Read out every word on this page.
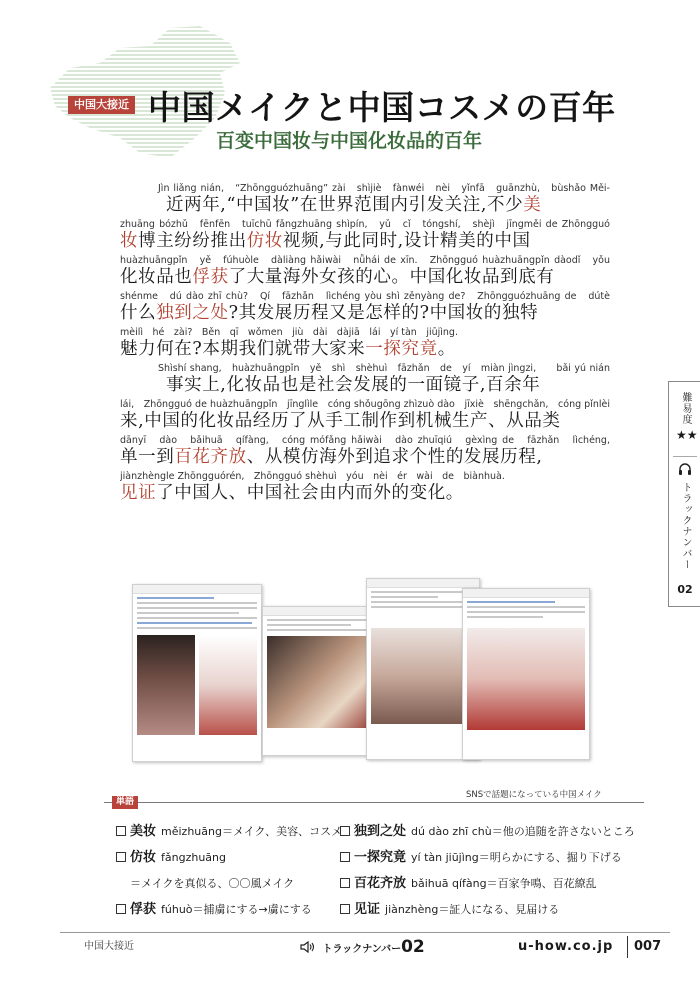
中国大接近 中国メイクと中国コスメの百年
百变中国妆与中国化妆品的百年
Jìn liǎng nián,　“Zhōngguózhuāng” zài　shìjiè　fànwéi　nèi　yǐnfā　guānzhù,　bùshǎo Měi-
近两年,“中国妆”在世界范围内引发关注,不少美
zhuāng bózhǔ　fēnfēn　tuīchū fǎngzhuāng shìpín,　yǔ　cǐ　tóngshí,　shèjì　jīngměi de Zhōngguó
妆博主纷纷推出仿妆视频,与此同时,设计精美的中国
huàzhuāngpǐn　yě　fúhuòle　dàliàng hǎiwài　nǚhái de xīn.　Zhōngguó huàzhuāngpǐn dàodǐ　yǒu
化妆品也俘获了大量海外女孩的心。中国化妆品到底有
shénme　dú dào zhī chù?　Qí　fāzhǎn　lìchéng yòu shì zěnyàng de?　Zhōngguózhuāng de　dútè
什么独到之处?其发展历程又是怎样的?中国妆的独特
mèilì　hé　zài?　Běn　qī　wǒmen　jiù　dài　dàjiā　lái　yí tàn　jiūjìng.
魅力何在?本期我们就带大家来一探究竟。
Shìshí shang,　huàzhuāngpǐn　yě　shì　shèhuì　fāzhǎn　de　yí　miàn jìngzi,　　bǎi yú nián
事实上,化妆品也是社会发展的一面镜子,百余年
lái,　Zhōngguó de huàzhuāngpǐn　jīnglìle　cóng shǒugōng zhìzuò dào　jīxiè　shēngchǎn,　cóng pǐnlèi
来,中国的化妆品经历了从手工制作到机械生产、从品类
dānyī　dào　bǎihuā　qífàng,　cóng mófǎng hǎiwài　dào zhuīqiú　gèxìng de　fāzhǎn　lìchéng,
单一到百花齐放、从模仿海外到追求个性的发展历程,
jiànzhèngle Zhōngguórén,　Zhōngguó shèhuì　yóu　nèi　ér　wài　de　biànhuà.
见证了中国人、中国社会由内而外的变化。
SNSで話題になっている中国メイク
単語
美妆 měizhuāng＝メイク、美容、コスメ
仿妆 fǎngzhuāng
＝メイクを真似る、〇〇風メイク
俘获 fúhuò＝捕虜にする→虜にする
独到之处 dú dào zhī chù＝他の追随を許さないところ
一探究竟 yí tàn jiūjìng＝明らかにする、掘り下げる
百花齐放 bǎihuā qífàng＝百家争鳴、百花繚乱
见证 jiànzhèng＝証人になる、見届ける
難易度
★★
トラックナンバー
02
中国大接近	トラックナンバー02	u-how.co.jp 007
